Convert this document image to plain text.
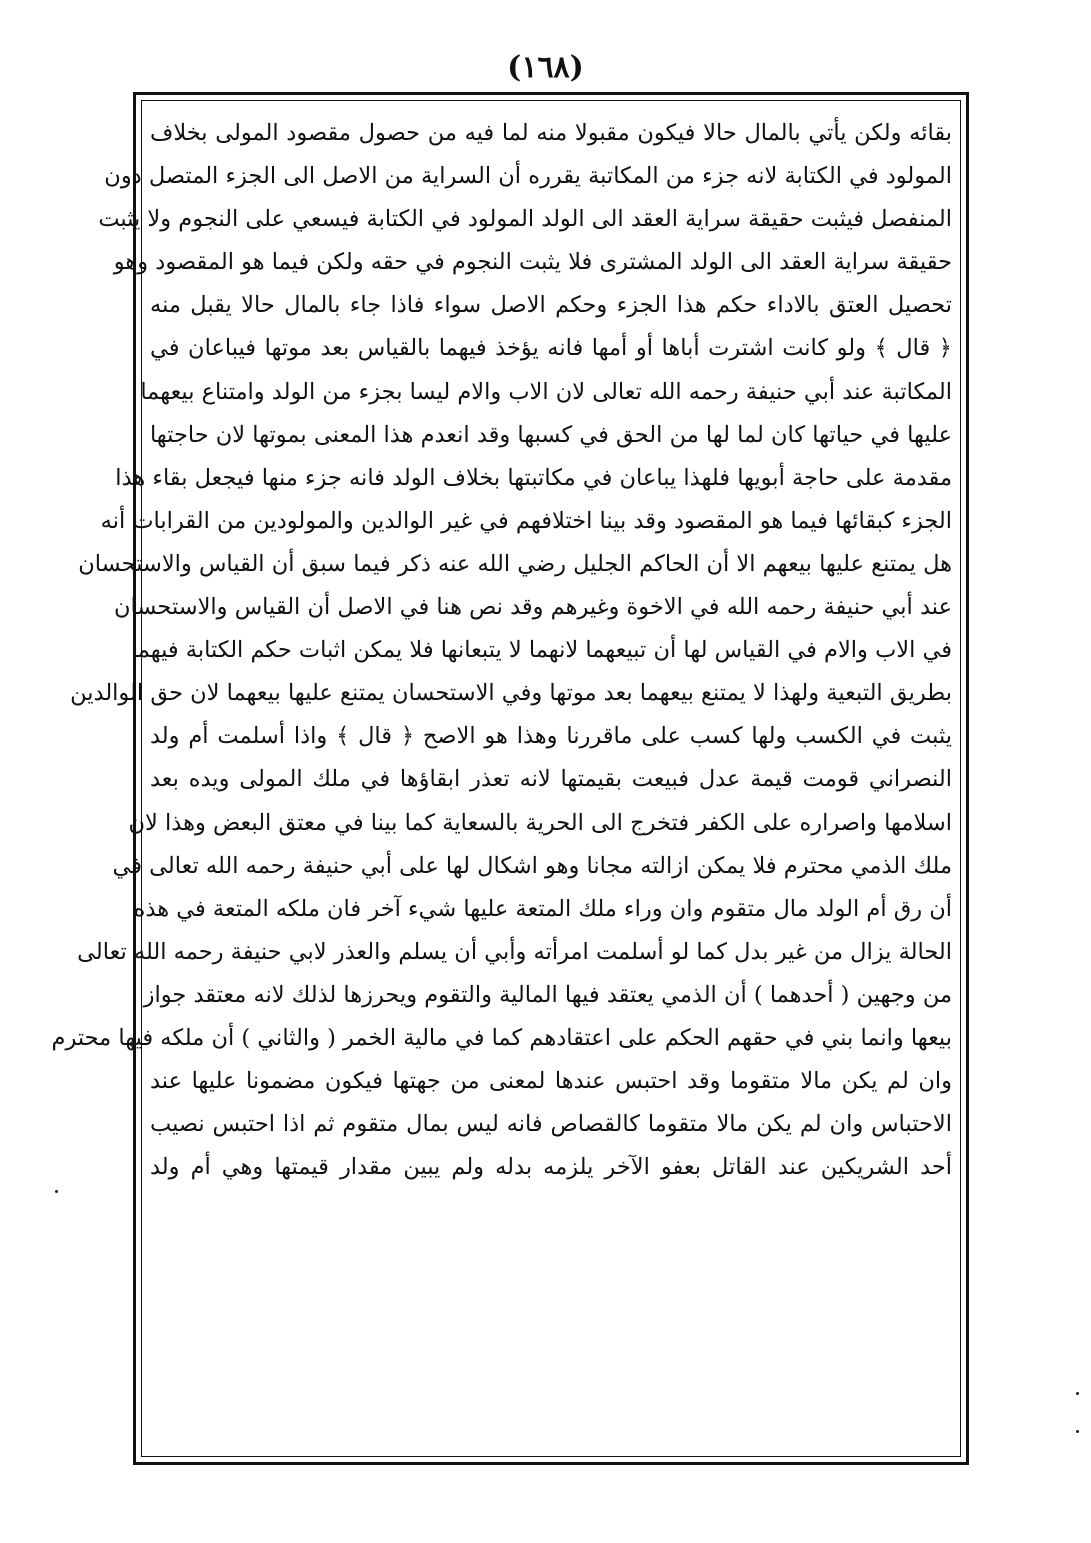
(١٦٨)
بقائه ولكن يأتي بالمال حالا فيكون مقبولا منه لما فيه من حصول مقصود المولى بخلاف
المولود في الكتابة لانه جزء من المكاتبة يقرره أن السراية من الاصل الى الجزء المتصل دون
المنفصل فيثبت حقيقة سراية العقد الى الولد المولود في الكتابة فيسعي على النجوم ولا يثبت
حقيقة سراية العقد الى الولد المشترى فلا يثبت النجوم في حقه ولكن فيما هو المقصود وهو
تحصيل العتق بالاداء حكم هذا الجزء وحكم الاصل سواء فاذا جاء بالمال حالا يقبل منه
﴿ قال ﴾ ولو كانت اشترت أباها أو أمها فانه يؤخذ فيهما بالقياس بعد موتها فيباعان في
المكاتبة عند أبي حنيفة رحمه الله تعالى لان الاب والام ليسا بجزء من الولد وامتناع بيعهما
عليها في حياتها كان لما لها من الحق في كسبها وقد انعدم هذا المعنى بموتها لان حاجتها
مقدمة على حاجة أبويها فلهذا يباعان في مكاتبتها بخلاف الولد فانه جزء منها فيجعل بقاء هذا
الجزء كبقائها فيما هو المقصود وقد بينا اختلافهم في غير الوالدين والمولودين من القرابات أنه
هل يمتنع عليها بيعهم الا أن الحاكم الجليل رضي الله عنه ذكر فيما سبق أن القياس والاستحسان
عند أبي حنيفة رحمه الله في الاخوة وغيرهم وقد نص هنا في الاصل أن القياس والاستحسان
في الاب والام في القياس لها أن تبيعهما لانهما لا يتبعانها فلا يمكن اثبات حكم الكتابة فيهما
بطريق التبعية ولهذا لا يمتنع بيعهما بعد موتها وفي الاستحسان يمتنع عليها بيعهما لان حق الوالدين
يثبت في الكسب ولها كسب على ماقررنا وهذا هو الاصح ﴿ قال ﴾ واذا أسلمت أم ولد
النصراني قومت قيمة عدل فبيعت بقيمتها لانه تعذر ابقاؤها في ملك المولى ويده بعد
اسلامها واصراره على الكفر فتخرج الى الحرية بالسعاية كما بينا في معتق البعض وهذا لان
ملك الذمي محترم فلا يمكن ازالته مجانا وهو اشكال لها على أبي حنيفة رحمه الله تعالى في
أن رق أم الولد مال متقوم وان وراء ملك المتعة عليها شيء آخر فان ملكه المتعة في هذه
الحالة يزال من غير بدل كما لو أسلمت امرأته وأبي أن يسلم والعذر لابي حنيفة رحمه الله تعالى
من وجهين ( أحدهما ) أن الذمي يعتقد فيها المالية والتقوم ويحرزها لذلك لانه معتقد جواز
بيعها وانما بني في حقهم الحكم على اعتقادهم كما في مالية الخمر ( والثاني ) أن ملكه فيها محترم
وان لم يكن مالا متقوما وقد احتبس عندها لمعنى من جهتها فيكون مضمونا عليها عند
الاحتباس وان لم يكن مالا متقوما كالقصاص فانه ليس بمال متقوم ثم اذا احتبس نصيب
أحد الشريكين عند القاتل بعفو الآخر يلزمه بدله ولم يبين مقدار قيمتها وهي أم ولد
